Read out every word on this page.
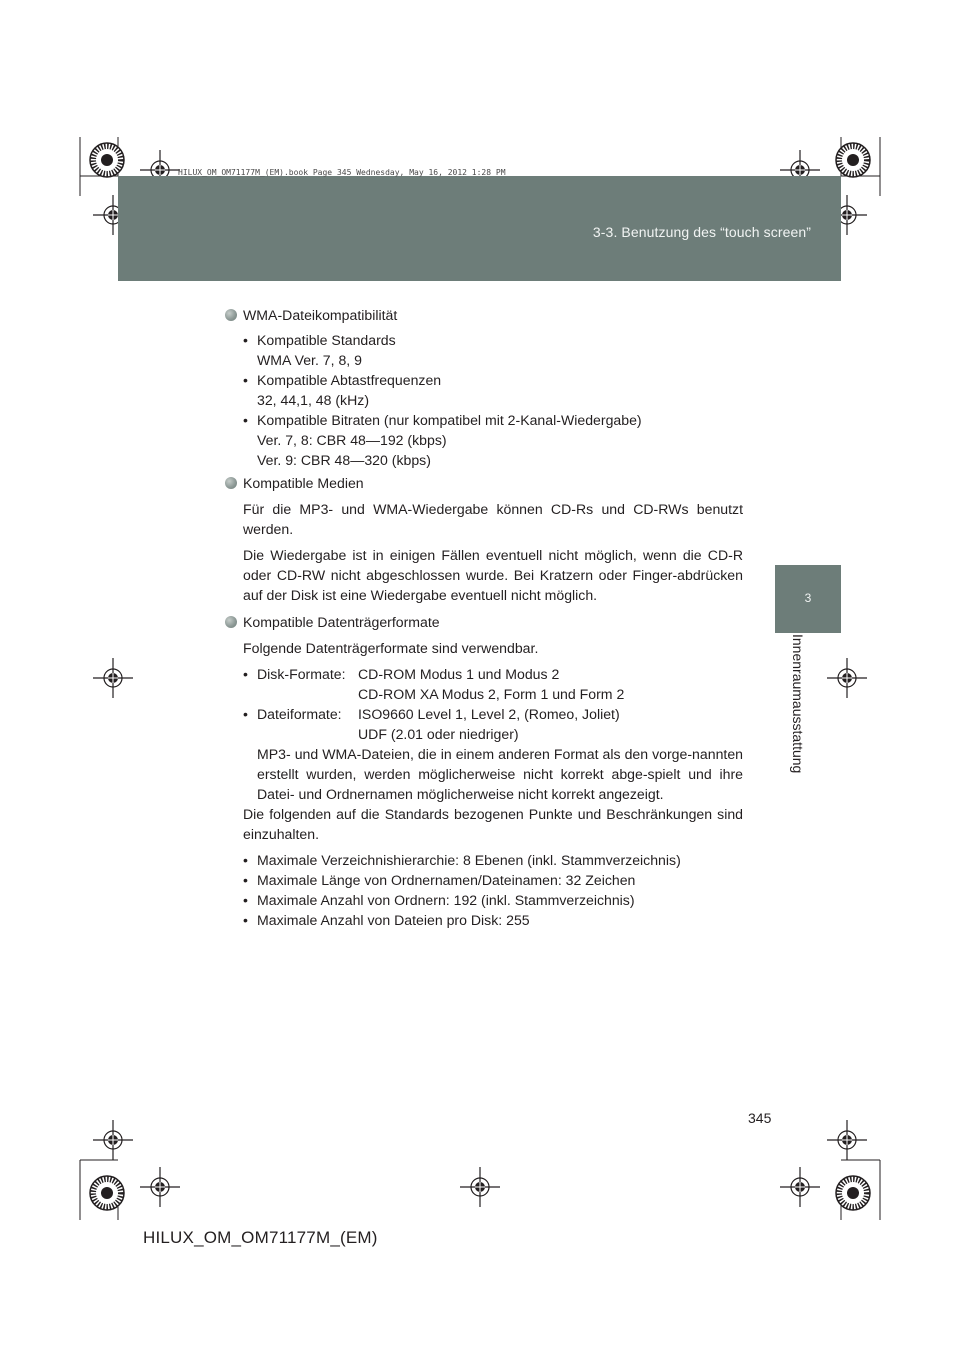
3-3. Benutzung des “touch screen”
HILUX_OM_OM71177M_(EM).book Page 345 Wednesday, May 16, 2012 1:28 PM
3
Innenraumausstattung

WMA-Dateikompatibilität

• Kompatible Standards
WMA Ver. 7, 8, 9
• Kompatible Abtastfrequenzen
32, 44,1, 48 (kHz)
• Kompatible Bitraten (nur kompatibel mit 2-Kanal-Wiedergabe)
Ver. 7, 8: CBR 48—192 (kbps)
Ver. 9: CBR 48—320 (kbps)

Kompatible Medien

Für die MP3- und WMA-Wiedergabe können CD-Rs und CD-RWs benutzt werden.

Die Wiedergabe ist in einigen Fällen eventuell nicht möglich, wenn die CD-R oder CD-RW nicht abgeschlossen wurde. Bei Kratzern oder Finger-abdrücken auf der Disk ist eine Wiedergabe eventuell nicht möglich.

Kompatible Datenträgerformate

Folgende Datenträgerformate sind verwendbar.

• Disk-Formate: CD-ROM Modus 1 und Modus 2
CD-ROM XA Modus 2, Form 1 und Form 2
• Dateiformate: ISO9660 Level 1, Level 2, (Romeo, Joliet)
UDF (2.01 oder niedriger)

MP3- und WMA-Dateien, die in einem anderen Format als den vorge-nannten erstellt wurden, werden möglicherweise nicht korrekt abge-spielt und ihre Datei- und Ordnernamen möglicherweise nicht korrekt angezeigt.

Die folgenden auf die Standards bezogenen Punkte und Beschränkungen sind einzuhalten.

• Maximale Verzeichnishierarchie: 8 Ebenen (inkl. Stammverzeichnis)
• Maximale Länge von Ordnernamen/Dateinamen: 32 Zeichen
• Maximale Anzahl von Ordnern: 192 (inkl. Stammverzeichnis)
• Maximale Anzahl von Dateien pro Disk: 255
345
HILUX_OM_OM71177M_(EM)
